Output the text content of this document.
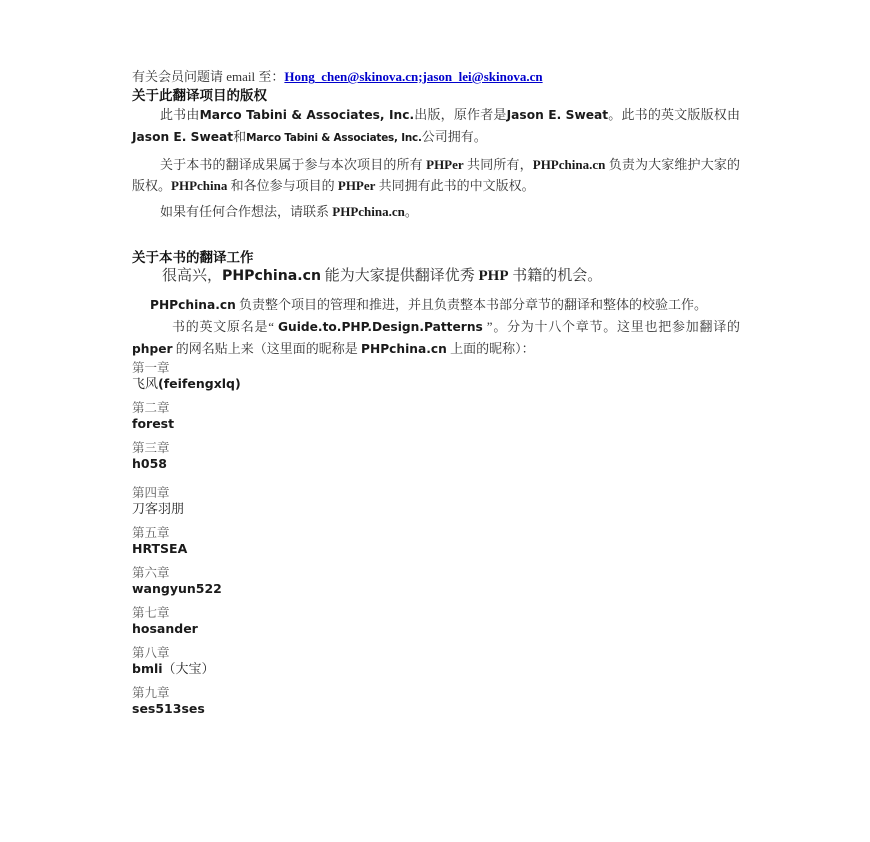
有关会员问题请 email 至：Hong_chen@skinova.cn;jason_lei@skinova.cn

关于此翻译项目的版权

此书由Marco Tabini & Associates, Inc.出版，原作者是Jason E. Sweat。此书的英文版版权由Jason E. Sweat和Marco Tabini & Associates, Inc.公司拥有。

关于本书的翻译成果属于参与本次项目的所有 PHPer 共同所有，PHPchina.cn 负责为大家维护大家的版权。PHPchina 和各位参与项目的 PHPer 共同拥有此书的中文版权。

如果有任何合作想法，请联系 PHPchina.cn。

关于本书的翻译工作

很高兴，PHPchina.cn 能为大家提供翻译优秀 PHP 书籍的机会。

PHPchina.cn 负责整个项目的管理和推进，并且负责整本书部分章节的翻译和整体的校验工作。

书的英文原名是“ Guide.to.PHP.Design.Patterns ”。分为十八个章节。这里也把参加翻译的 phper 的网名贴上来（这里面的昵称是 PHPchina.cn 上面的昵称）：

第一章
飞风(feifengxlq)
第二章
forest
第三章
h058
第四章
刀客羽朋
第五章
HRTSEA
第六章
wangyun522
第七章
hosander
第八章
bmli（大宝）
第九章
ses513ses
